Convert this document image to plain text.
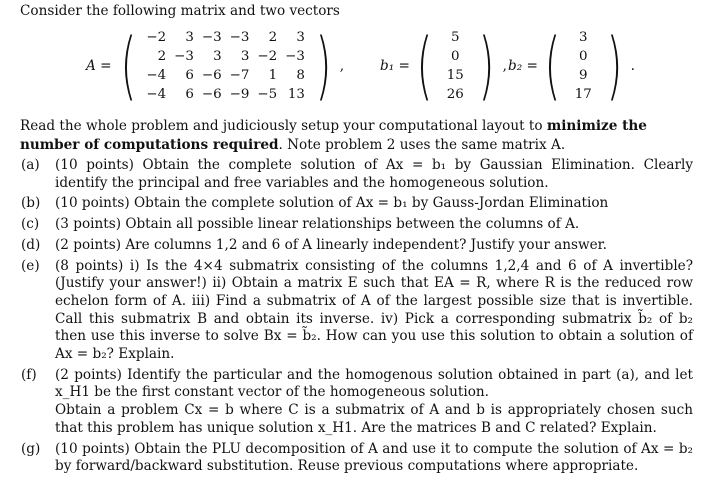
Consider the following matrix and two vectors
A = ( −2	3	−3	−3	2	3
2	−3	3	3	−2	−3
−4	6	−6	−7	1	8
−4	6	−6	−9	−5	13 ) ,	b₁ = ( 5
0
15
26 ) , b₂ = ( 3
0
9
17 ) .
Read the whole problem and judiciously setup your computational layout to minimize the number of computations required. Note problem 2 uses the same matrix A.
(a)	(10 points) Obtain the complete solution of Ax = b₁ by Gaussian Elimination. Clearly identify the principal and free variables and the homogeneous solution.
(b)	(10 points) Obtain the complete solution of Ax = b₁ by Gauss-Jordan Elimination
(c)	(3 points) Obtain all possible linear relationships between the columns of A.
(d)	(2 points) Are columns 1,2 and 6 of A linearly independent? Justify your answer.
(e)	(8 points) i) Is the 4×4 submatrix consisting of the columns 1,2,4 and 6 of A invertible? (Justify your answer!) ii) Obtain a matrix E such that EA = R, where R is the reduced row echelon form of A. iii) Find a submatrix of A of the largest possible size that is invertible. Call this submatrix B and obtain its inverse. iv) Pick a corresponding submatrix b̃₂ of b₂ then use this inverse to solve Bx = b̃₂. How can you use this solution to obtain a solution of Ax = b₂? Explain.
(f)	(2 points) Identify the particular and the homogenous solution obtained in part (a), and let x_H1 be the first constant vector of the homogeneous solution.
Obtain a problem Cx = b where C is a submatrix of A and b is appropriately chosen such that this problem has unique solution x_H1. Are the matrices B and C related? Explain.
(g)	(10 points) Obtain the PLU decomposition of A and use it to compute the solution of Ax = b₂ by forward/backward substitution. Reuse previous computations where appropriate.
